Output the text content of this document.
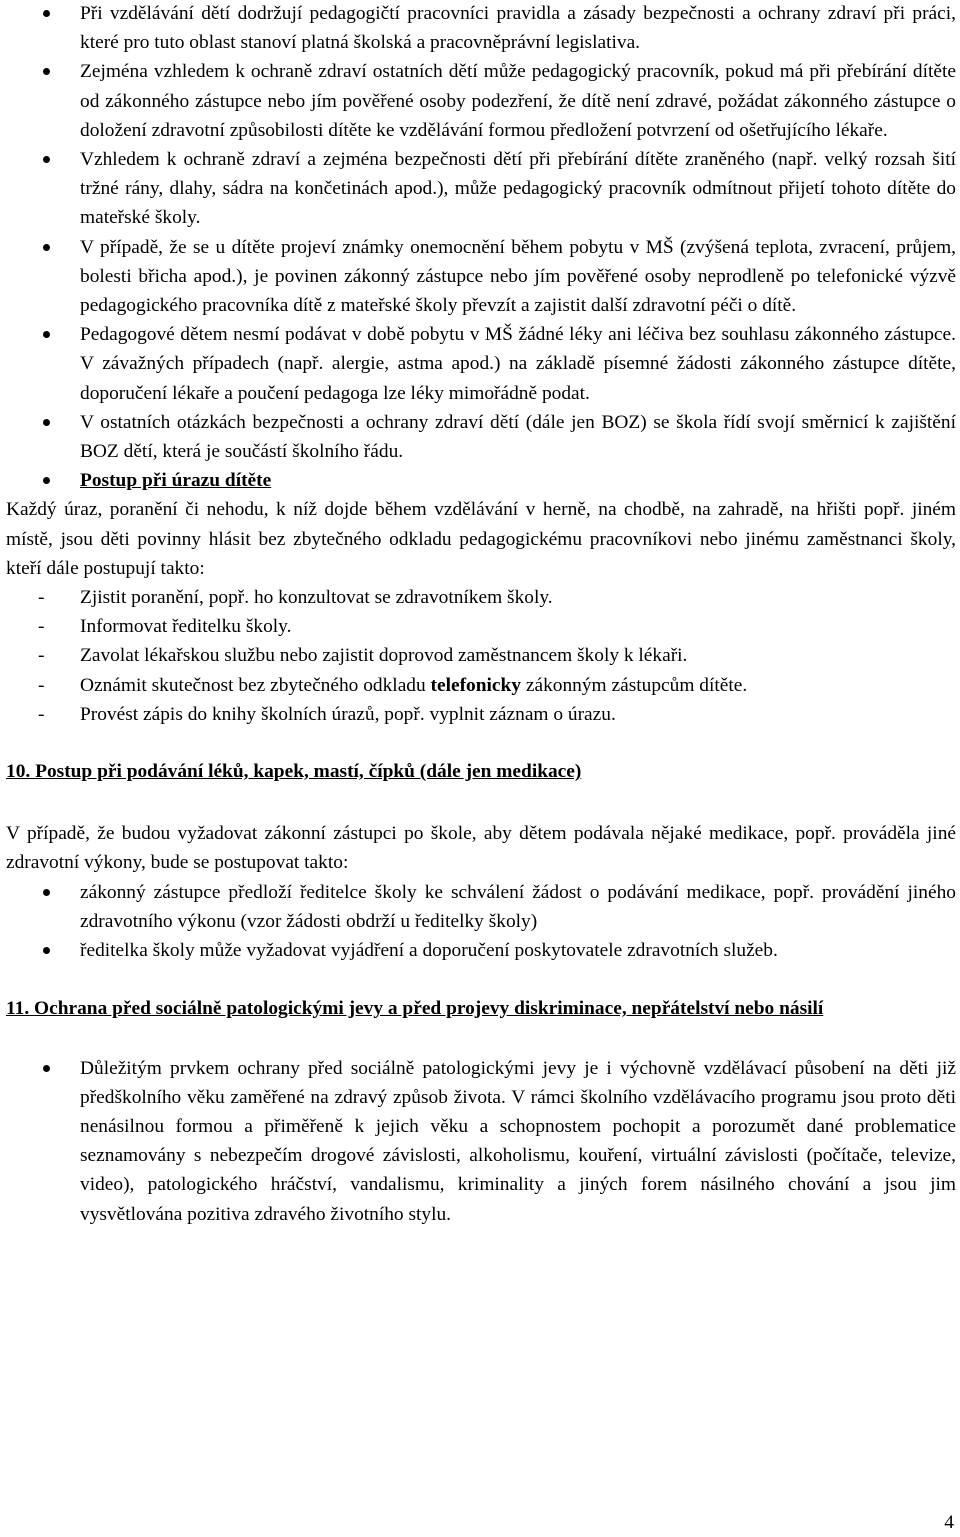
Při vzdělávání dětí dodržují pedagogičtí pracovníci pravidla a zásady bezpečnosti a ochrany zdraví při práci, které pro tuto oblast stanoví platná školská a pracovněprávní legislativa.
Zejména vzhledem k ochraně zdraví ostatních dětí může pedagogický pracovník, pokud má při přebírání dítěte od zákonného zástupce nebo jím pověřené osoby podezření, že dítě není zdravé, požádat zákonného zástupce o doložení zdravotní způsobilosti dítěte ke vzdělávání formou předložení potvrzení od ošetřujícího lékaře.
Vzhledem k ochraně zdraví a zejména bezpečnosti dětí při přebírání dítěte zraněného (např. velký rozsah šití tržné rány, dlahy, sádra na končetinách apod.), může pedagogický pracovník odmítnout přijetí tohoto dítěte do mateřské školy.
V případě, že se u dítěte projeví známky onemocnění během pobytu v MŠ (zvýšená teplota, zvracení, průjem, bolesti břicha apod.), je povinen zákonný zástupce nebo jím pověřené osoby neprodleně po telefonické výzvě pedagogického pracovníka dítě z mateřské školy převzít a zajistit další zdravotní péči o dítě.
Pedagogové dětem nesmí podávat v době pobytu v MŠ žádné léky ani léčiva bez souhlasu zákonného zástupce. V závažných případech (např. alergie, astma apod.) na základě písemné žádosti zákonného zástupce dítěte, doporučení lékaře a poučení pedagoga lze léky mimořádně podat.
V ostatních otázkách bezpečnosti a ochrany zdraví dětí (dále jen BOZ) se škola řídí svojí směrnicí k zajištění BOZ dětí, která je součástí školního řádu.
Postup při úrazu dítěte

Každý úraz, poranění či nehodu, k níž dojde během vzdělávání v herně, na chodbě, na zahradě, na hřišti popř. jiném místě, jsou děti povinny hlásit bez zbytečného odkladu pedagogickému pracovníkovi nebo jinému zaměstnanci školy, kteří dále postupují takto:

- Zjistit poranění, popř. ho konzultovat se zdravotníkem školy.
- Informovat ředitelku školy.
- Zavolat lékařskou službu nebo zajistit doprovod zaměstnancem školy k lékaři.
- Oznámit skutečnost bez zbytečného odkladu telefonicky zákonným zástupcům dítěte.
- Provést zápis do knihy školních úrazů, popř. vyplnit záznam o úrazu.

10. Postup při podávání léků, kapek, mastí, čípků (dále jen medikace)

V případě, že budou vyžadovat zákonní zástupci po škole, aby dětem podávala nějaké medikace, popř. prováděla jiné zdravotní výkony, bude se postupovat takto:

zákonný zástupce předloží ředitelce školy ke schválení žádost o podávání medikace, popř. provádění jiného zdravotního výkonu (vzor žádosti obdrží u ředitelky školy)
ředitelka školy může vyžadovat vyjádření a doporučení poskytovatele zdravotních služeb.

11. Ochrana před sociálně patologickými jevy a před projevy diskriminace, nepřátelství nebo násilí

Důležitým prvkem ochrany před sociálně patologickými jevy je i výchovně vzdělávací působení na děti již předškolního věku zaměřené na zdravý způsob života. V rámci školního vzdělávacího programu jsou proto děti nenásilnou formou a přiměřeně k jejich věku a schopnostem pochopit a porozumět dané problematice seznamovány s nebezpečím drogové závislosti, alkoholismu, kouření, virtuální závislosti (počítače, televize, video), patologického hráčství, vandalismu, kriminality a jiných forem násilného chování a jsou jim vysvětlována pozitiva zdravého životního stylu.
4
